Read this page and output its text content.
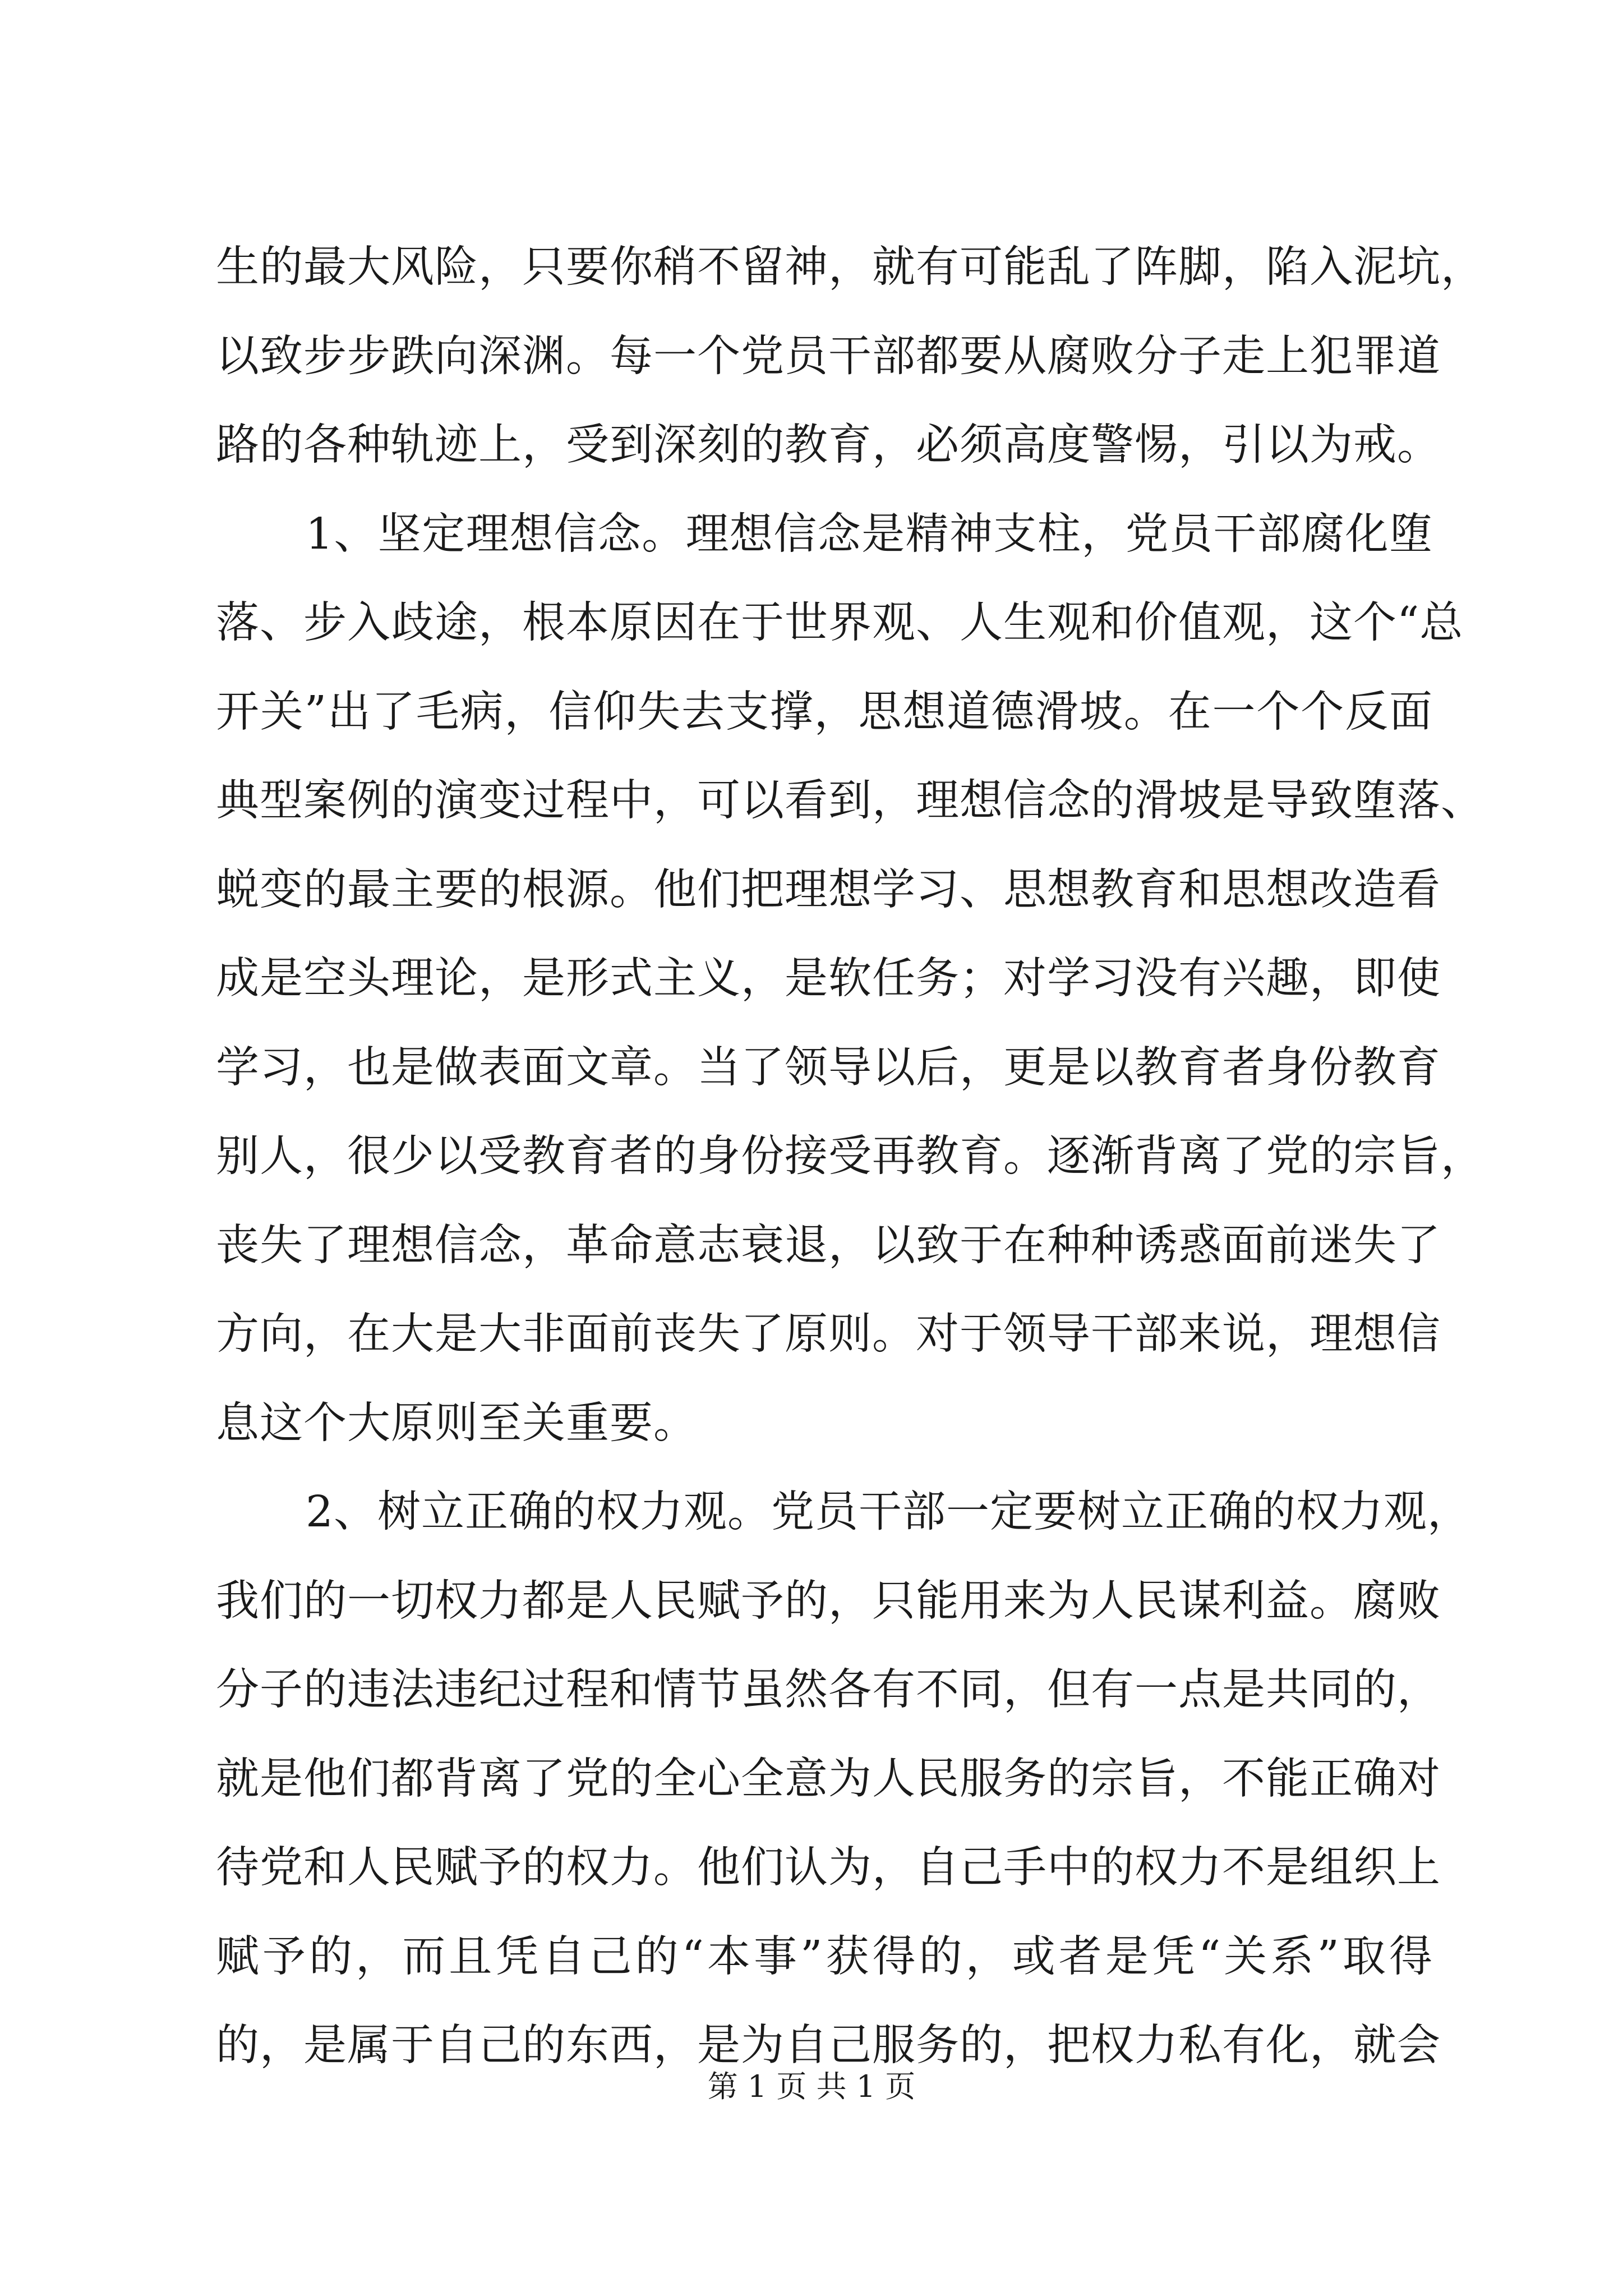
生的最大风险，只要你稍不留神，就有可能乱了阵脚，陷入泥坑，
以致步步跌向深渊。每一个党员干部都要从腐败分子走上犯罪道
路的各种轨迹上，受到深刻的教育，必须高度警惕，引以为戒。
1、坚定理想信念。理想信念是精神支柱，党员干部腐化堕
落、步入歧途，根本原因在于世界观、人生观和价值观，这个“总
开关”出了毛病，信仰失去支撑，思想道德滑坡。在一个个反面
典型案例的演变过程中，可以看到，理想信念的滑坡是导致堕落、
蜕变的最主要的根源。他们把理想学习、思想教育和思想改造看
成是空头理论，是形式主义，是软任务；对学习没有兴趣，即使
学习，也是做表面文章。当了领导以后，更是以教育者身份教育
别人，很少以受教育者的身份接受再教育。逐渐背离了党的宗旨，
丧失了理想信念，革命意志衰退，以致于在种种诱惑面前迷失了
方向，在大是大非面前丧失了原则。对于领导干部来说，理想信
息这个大原则至关重要。
2、树立正确的权力观。党员干部一定要树立正确的权力观，
我们的一切权力都是人民赋予的，只能用来为人民谋利益。腐败
分子的违法违纪过程和情节虽然各有不同，但有一点是共同的，
就是他们都背离了党的全心全意为人民服务的宗旨，不能正确对
待党和人民赋予的权力。他们认为，自己手中的权力不是组织上
赋予的，而且凭自己的“本事”获得的，或者是凭“关系”取得
的，是属于自己的东西，是为自己服务的，把权力私有化，就会
第 1 页 共 1 页
